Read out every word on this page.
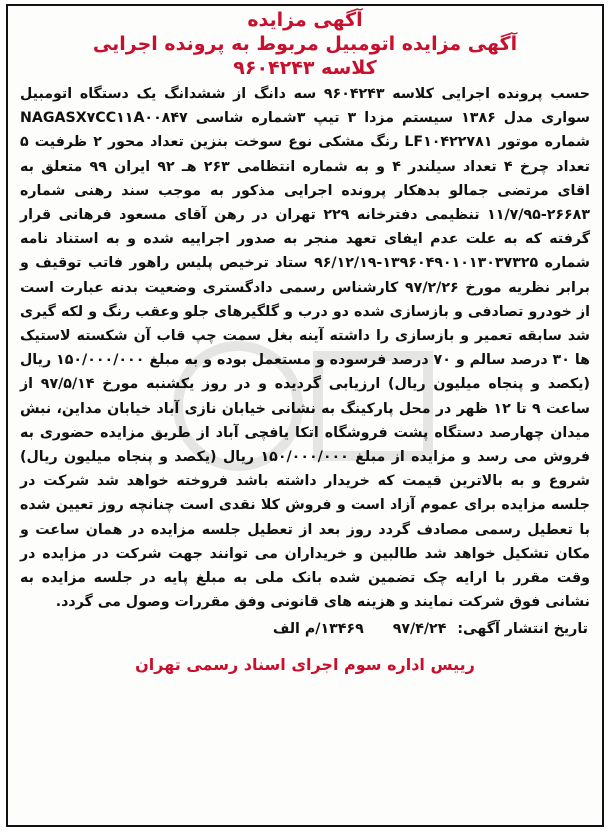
آگهی مزایده
آگهی مزایده اتومبیل مربوط به پرونده اجرایی
کلاسه ۹۶۰۴۲۴۳

حسب پرونده اجرایی کلاسه ۹۶۰۴۲۴۳ سه دانگ از ششدانگ یک دستگاه اتومبیل سواری مدل ۱۳۸۶ سیستم مزدا ۳ تیپ ۳شماره شاسی NAGASX۷CC۱۱A۰۰۸۴۷ شماره موتور LF۱۰۴۲۲۷۸۱ رنگ مشکی نوع سوخت بنزین تعداد محور ۲ ظرفیت ۵ تعداد چرخ ۴ تعداد سیلندر ۴ و به شماره انتظامی ۲۶۳ هـ ۹۲ ایران ۹۹ متعلق به اقای مرتضی جمالو بدهکار پرونده اجرایی مذکور به موجب سند رهنی شماره ۲۶۶۸۳-۱۱/۷/۹۵ تنظیمی دفترخانه ۲۲۹ تهران در رهن آقای مسعود فرهانی قرار گرفته که به علت عدم ایفای تعهد منجر به صدور اجراییه شده و به استناد نامه شماره ۱۳۹۶۰۴۹۰۱۰۱۳۰۳۷۳۲۵-۹۶/۱۲/۱۹ ستاد ترخیص پلیس راهور فاتب توقیف و برابر نظریه مورخ ۹۷/۲/۲۶ کارشناس رسمی دادگستری وضعیت بدنه عبارت است از خودرو تصادفی و بازسازی شده دو درب و گلگیرهای جلو وعقب رنگ و لکه گیری شد سابقه تعمیر و بازسازی را داشته آینه بغل سمت چپ قاب آن شکسته لاستیک ها ۳۰ درصد سالم و ۷۰ درصد فرسوده و مستعمل بوده و به مبلغ ۱۵۰/۰۰۰/۰۰۰ ریال (یکصد و پنجاه میلیون ریال) ارزیابی گردیده و در روز یکشنبه مورخ ۹۷/۵/۱۴ از ساعت ۹ تا ۱۲ ظهر در محل پارکینگ به نشانی خیابان نازی آباد خیابان مداین، نبش میدان چهارصد دستگاه پشت فروشگاه اتکا یافچی آباد از طریق مزایده حضوری به فروش می رسد و مزایده از مبلغ ۱۵۰/۰۰۰/۰۰۰ ریال (یکصد و پنجاه میلیون ریال) شروع و به بالاترین قیمت که خریدار داشته باشد فروخته خواهد شد شرکت در جلسه مزایده برای عموم آزاد است و فروش کلا نقدی است چنانچه روز تعیین شده با تعطیل رسمی مصادف گردد روز بعد از تعطیل جلسه مزایده در همان ساعت و مکان تشکیل خواهد شد طالبین و خریداران می توانند جهت شرکت در مزایده در وقت مقرر با ارایه چک تضمین شده بانک ملی به مبلغ پایه در جلسه مزایده به نشانی فوق شرکت نمایند و هزینه های قانونی وفق مقررات وصول می گردد.

تاریخ انتشار آگهی: ۹۷/۴/۲۴ ۱۳۴۶۹/م الف
رییس اداره سوم اجرای اسناد رسمی تهران
